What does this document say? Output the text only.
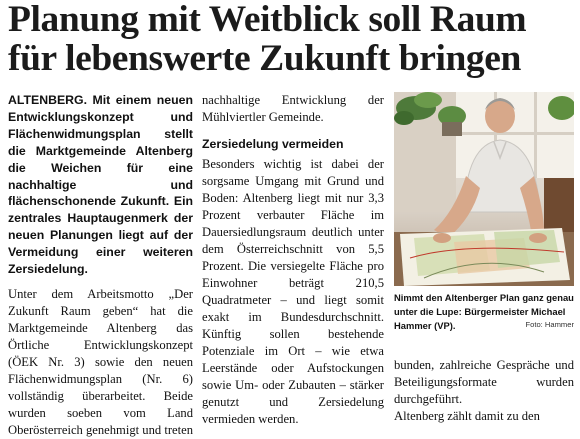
Planung mit Weitblick soll Raum
für lebenswerte Zukunft bringen

ALTENBERG. Mit einem neuen Entwicklungskonzept und Flächenwidmungsplan stellt die Marktgemeinde Altenberg die Weichen für eine nachhaltige und flächenschonende Zukunft. Ein zentrales Hauptaugenmerk der neuen Planungen liegt auf der Vermeidung einer weiteren Zersiedelung.

Unter dem Arbeitsmotto „Der Zukunft Raum geben“ hat die Marktgemeinde Altenberg das Örtliche Entwicklungskonzept (ÖEK Nr. 3) sowie den neuen Flächenwidmungsplan (Nr. 6) vollständig überarbeitet. Beide wurden soeben vom Land Oberösterreich genehmigt und treten

nachhaltige Entwicklung der Mühlviertler Gemeinde.

Zersiedelung vermeiden

Besonders wichtig ist dabei der sorgsame Umgang mit Grund und Boden: Altenberg liegt mit nur 3,3 Prozent verbauter Fläche im Dauersiedlungsraum deutlich unter dem Österreichschnitt von 5,5 Prozent. Die versiegelte Fläche pro Einwohner beträgt 210,5 Quadratmeter – und liegt somit exakt im Bundesdurchschnitt. Künftig sollen bestehende Potenziale im Ort – wie etwa Leerstände oder Aufstockungen sowie Um- oder Zubauten – stärker genutzt und Zersiedelung vermieden werden.

Nimmt den Altenberger Plan ganz genau unter die Lupe: Bürgermeister Michael Hammer (VP).	Foto: Hammer

bunden, zahlreiche Gespräche und Beteiligungsformate wurden durchgeführt.

Altenberg zählt damit zu den
